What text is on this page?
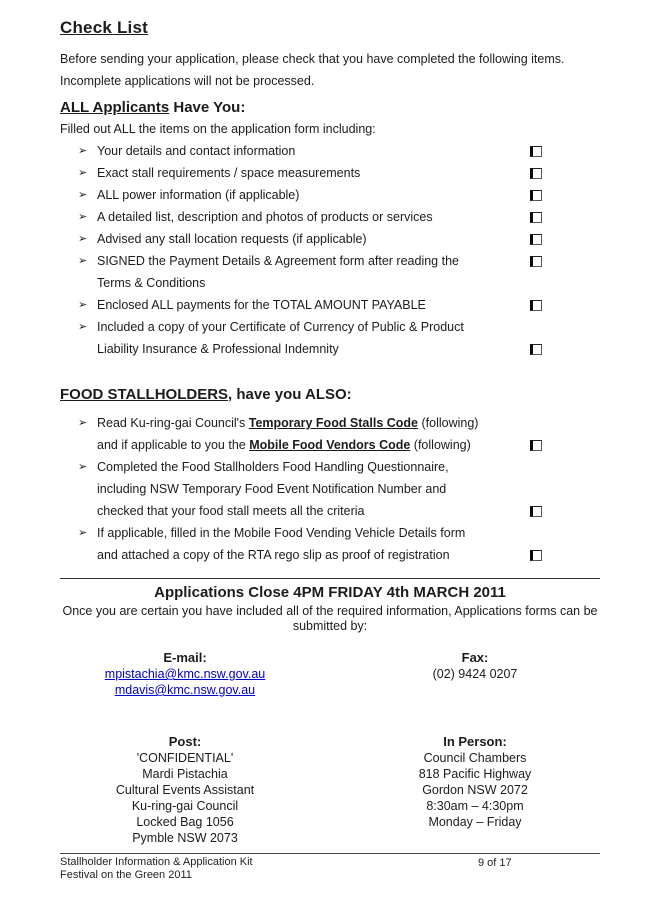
Check List
Before sending your application, please check that you have completed the following items.
Incomplete applications will not be processed.
ALL Applicants Have You:
Filled out ALL the items on the application form including:
➢ Your details and contact information
➢ Exact stall requirements / space measurements
➢ ALL power information (if applicable)
➢ A detailed list, description and photos of products or services
➢ Advised any stall location requests (if applicable)
➢ SIGNED the Payment Details & Agreement form after reading the
Terms & Conditions
➢ Enclosed ALL payments for the TOTAL AMOUNT PAYABLE
➢ Included a copy of your Certificate of Currency of Public & Product
Liability Insurance & Professional Indemnity
FOOD STALLHOLDERS, have you ALSO:
➢ Read Ku-ring-gai Council's Temporary Food Stalls Code (following)
and if applicable to you the Mobile Food Vendors Code (following)
➢ Completed the Food Stallholders Food Handling Questionnaire,
including NSW Temporary Food Event Notification Number and
checked that your food stall meets all the criteria
➢ If applicable, filled in the Mobile Food Vending Vehicle Details form
and attached a copy of the RTA rego slip as proof of registration
Applications Close 4PM FRIDAY 4th MARCH 2011
Once you are certain you have included all of the required information, Applications forms can be
submitted by:
E-mail:
mpistachia@kmc.nsw.gov.au
mdavis@kmc.nsw.gov.au
Fax:
(02) 9424 0207
Post:
'CONFIDENTIAL'
Mardi Pistachia
Cultural Events Assistant
Ku-ring-gai Council
Locked Bag 1056
Pymble NSW 2073
In Person:
Council Chambers
818 Pacific Highway
Gordon NSW 2072
8:30am – 4:30pm
Monday – Friday
Stallholder Information & Application Kit
Festival on the Green 2011
9 of 17
